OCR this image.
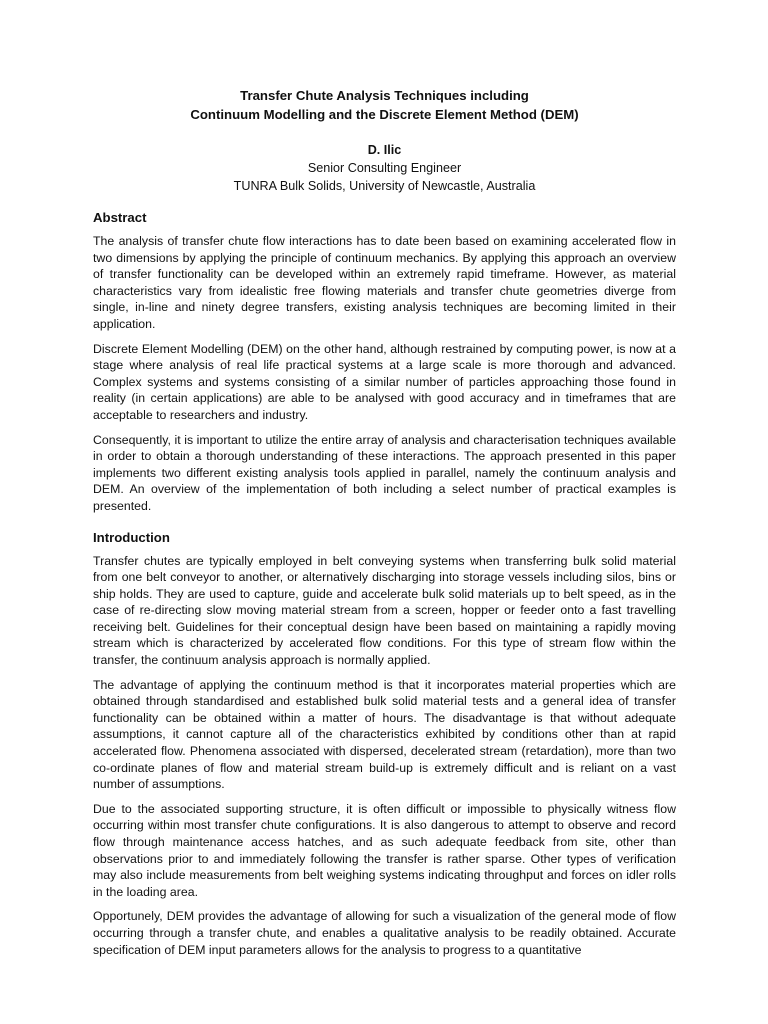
Transfer Chute Analysis Techniques including
Continuum Modelling and the Discrete Element Method (DEM)
D. Ilic
Senior Consulting Engineer
TUNRA Bulk Solids, University of Newcastle, Australia
Abstract

The analysis of transfer chute flow interactions has to date been based on examining accelerated flow in two dimensions by applying the principle of continuum mechanics. By applying this approach an overview of transfer functionality can be developed within an extremely rapid timeframe. However, as material characteristics vary from idealistic free flowing materials and transfer chute geometries diverge from single, in-line and ninety degree transfers, existing analysis techniques are becoming limited in their application.

Discrete Element Modelling (DEM) on the other hand, although restrained by computing power, is now at a stage where analysis of real life practical systems at a large scale is more thorough and advanced. Complex systems and systems consisting of a similar number of particles approaching those found in reality (in certain applications) are able to be analysed with good accuracy and in timeframes that are acceptable to researchers and industry.

Consequently, it is important to utilize the entire array of analysis and characterisation techniques available in order to obtain a thorough understanding of these interactions. The approach presented in this paper implements two different existing analysis tools applied in parallel, namely the continuum analysis and DEM. An overview of the implementation of both including a select number of practical examples is presented.

Introduction

Transfer chutes are typically employed in belt conveying systems when transferring bulk solid material from one belt conveyor to another, or alternatively discharging into storage vessels including silos, bins or ship holds. They are used to capture, guide and accelerate bulk solid materials up to belt speed, as in the case of re-directing slow moving material stream from a screen, hopper or feeder onto a fast travelling receiving belt. Guidelines for their conceptual design have been based on maintaining a rapidly moving stream which is characterized by accelerated flow conditions. For this type of stream flow within the transfer, the continuum analysis approach is normally applied.

The advantage of applying the continuum method is that it incorporates material properties which are obtained through standardised and established bulk solid material tests and a general idea of transfer functionality can be obtained within a matter of hours. The disadvantage is that without adequate assumptions, it cannot capture all of the characteristics exhibited by conditions other than at rapid accelerated flow. Phenomena associated with dispersed, decelerated stream (retardation), more than two co-ordinate planes of flow and material stream build-up is extremely difficult and is reliant on a vast number of assumptions.

Due to the associated supporting structure, it is often difficult or impossible to physically witness flow occurring within most transfer chute configurations. It is also dangerous to attempt to observe and record flow through maintenance access hatches, and as such adequate feedback from site, other than observations prior to and immediately following the transfer is rather sparse. Other types of verification may also include measurements from belt weighing systems indicating throughput and forces on idler rolls in the loading area.

Opportunely, DEM provides the advantage of allowing for such a visualization of the general mode of flow occurring through a transfer chute, and enables a qualitative analysis to be readily obtained. Accurate specification of DEM input parameters allows for the analysis to progress to a quantitative
